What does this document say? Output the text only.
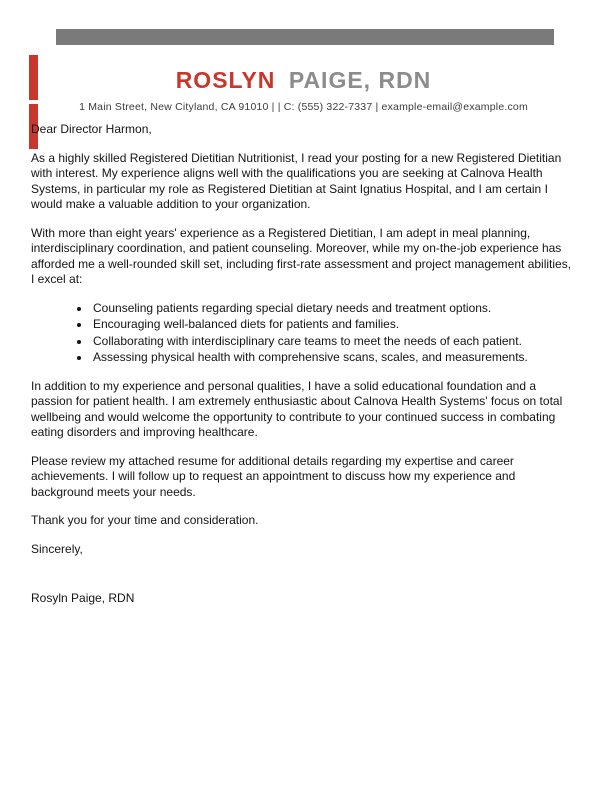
ROSLYN PAIGE, RDN
1 Main Street, New Cityland, CA 91010 | | C: (555) 322-7337 | example-email@example.com

Dear Director Harmon,

As a highly skilled Registered Dietitian Nutritionist, I read your posting for a new Registered Dietitian with interest. My experience aligns well with the qualifications you are seeking at Calnova Health Systems, in particular my role as Registered Dietitian at Saint Ignatius Hospital, and I am certain I would make a valuable addition to your organization.

With more than eight years' experience as a Registered Dietitian, I am adept in meal planning, interdisciplinary coordination, and patient counseling. Moreover, while my on-the-job experience has afforded me a well-rounded skill set, including first-rate assessment and project management abilities, I excel at:

• Counseling patients regarding special dietary needs and treatment options.
• Encouraging well-balanced diets for patients and families.
• Collaborating with interdisciplinary care teams to meet the needs of each patient.
• Assessing physical health with comprehensive scans, scales, and measurements.

In addition to my experience and personal qualities, I have a solid educational foundation and a passion for patient health. I am extremely enthusiastic about Calnova Health Systems' focus on total wellbeing and would welcome the opportunity to contribute to your continued success in combating eating disorders and improving healthcare.

Please review my attached resume for additional details regarding my expertise and career achievements. I will follow up to request an appointment to discuss how my experience and background meets your needs.

Thank you for your time and consideration.

Sincerely,

Rosyln Paige, RDN
